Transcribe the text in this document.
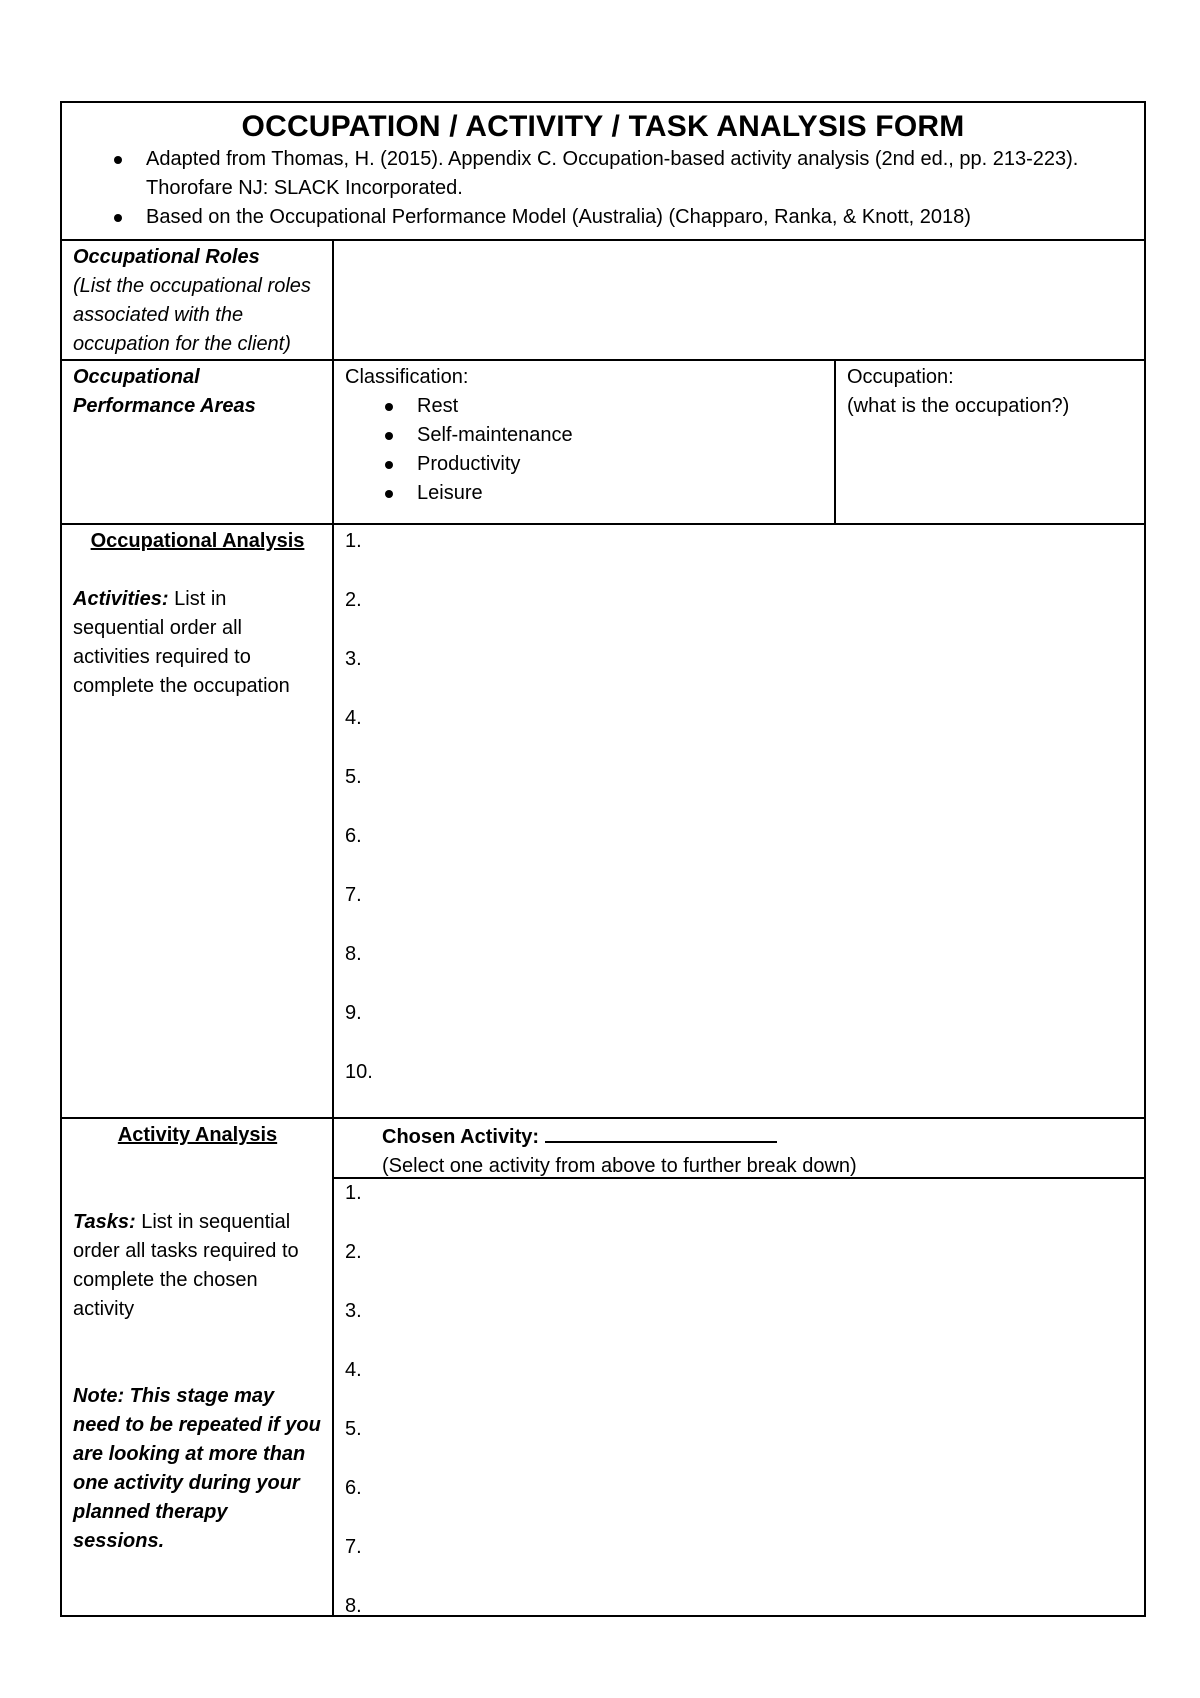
OCCUPATION / ACTIVITY / TASK ANALYSIS FORM
Adapted from Thomas, H. (2015). Appendix C. Occupation-based activity analysis (2nd ed., pp. 213-223). Thorofare NJ: SLACK Incorporated.
Based on the Occupational Performance Model (Australia) (Chapparo, Ranka, & Knott, 2018)
Occupational Roles
(List the occupational roles associated with the occupation for the client)
Occupational
Performance Areas
Classification:
Rest
Self-maintenance
Productivity
Leisure
Occupation:
(what is the occupation?)
Occupational Analysis
Activities: List in sequential order all activities required to complete the occupation
1.
2.
3.
4.
5.
6.
7.
8.
9.
10.
Activity Analysis
Tasks: List in sequential order all tasks required to complete the chosen activity
Note: This stage may need to be repeated if you are looking at more than one activity during your planned therapy sessions.
Chosen Activity:
(Select one activity from above to further break down)
1.
2.
3.
4.
5.
6.
7.
8.
